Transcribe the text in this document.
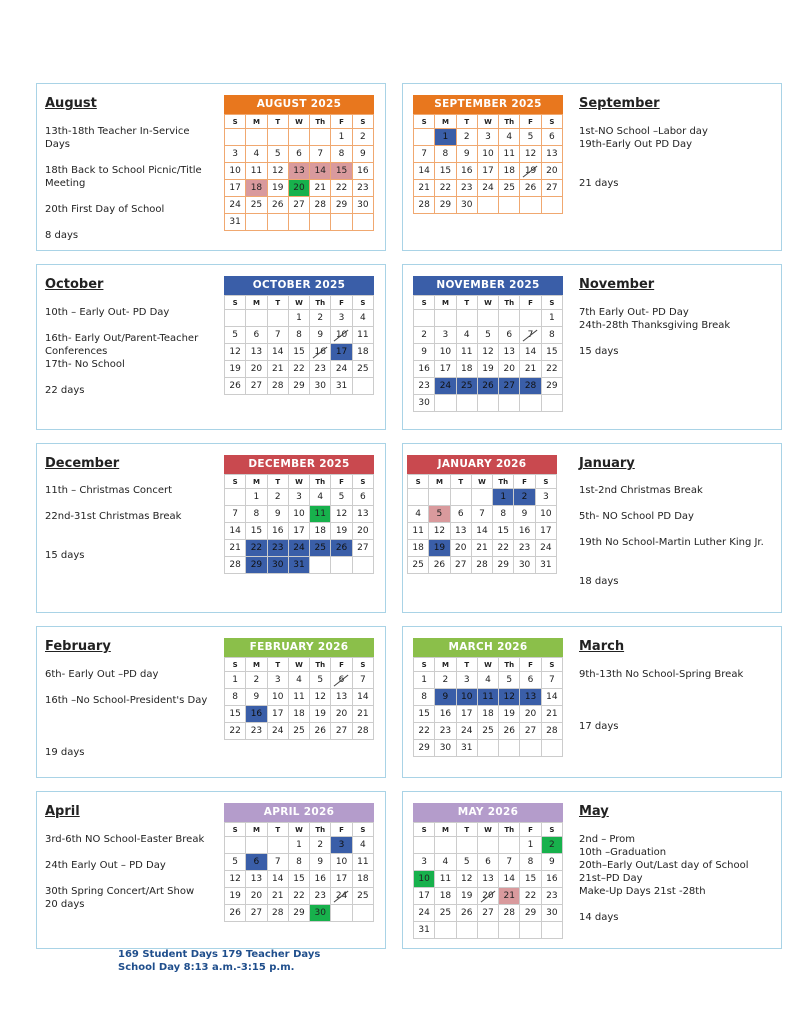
August

13th-18th Teacher In-Service Days

18th Back to School Picnic/Title Meeting

20th First Day of School

8 days

AUGUST 2025
S	M	T	W	Th	F	S
					1	2
3	4	5	6	7	8	9
10	11	12	13	14	15	16
17	18	19	20	21	22	23
24	25	26	27	28	29	30
31						
SEPTEMBER 2025
S	M	T	W	Th	F	S
	1	2	3	4	5	6
7	8	9	10	11	12	13
14	15	16	17	18	19	20
21	22	23	24	25	26	27
28	29	30				
September

1st-NO School –Labor day

19th-Early Out PD Day

21 days

October

10th – Early Out- PD Day

16th- Early Out/Parent-Teacher Conferences

17th- No School

22 days

OCTOBER 2025
S	M	T	W	Th	F	S
			1	2	3	4
5	6	7	8	9	10	11
12	13	14	15	16	17	18
19	20	21	22	23	24	25
26	27	28	29	30	31	
NOVEMBER 2025
S	M	T	W	Th	F	S
						1
2	3	4	5	6	7	8
9	10	11	12	13	14	15
16	17	18	19	20	21	22
23	24	25	26	27	28	29
30						
November

7th Early Out- PD Day

24th-28th Thanksgiving Break

15 days

December

11th – Christmas Concert

22nd-31st Christmas Break

15 days

DECEMBER 2025
S	M	T	W	Th	F	S
	1	2	3	4	5	6
7	8	9	10	11	12	13
14	15	16	17	18	19	20
21	22	23	24	25	26	27
28	29	30	31			
JANUARY 2026
S	M	T	W	Th	F	S
				1	2	3
4	5	6	7	8	9	10
11	12	13	14	15	16	17
18	19	20	21	22	23	24
25	26	27	28	29	30	31
January

1st-2nd Christmas Break

5th- NO School PD Day

19th No School-Martin Luther King Jr.

18 days

February

6th- Early Out –PD day

16th –No School-President's Day

19 days

FEBRUARY 2026
S	M	T	W	Th	F	S
1	2	3	4	5	6	7
8	9	10	11	12	13	14
15	16	17	18	19	20	21
22	23	24	25	26	27	28
MARCH 2026
S	M	T	W	Th	F	S
1	2	3	4	5	6	7
8	9	10	11	12	13	14
15	16	17	18	19	20	21
22	23	24	25	26	27	28
29	30	31				
March

9th-13th No School-Spring Break

17 days

April

3rd-6th NO School-Easter Break

24th Early Out – PD Day

30th Spring Concert/Art Show

20 days

APRIL 2026
S	M	T	W	Th	F	S
			1	2	3	4
5	6	7	8	9	10	11
12	13	14	15	16	17	18
19	20	21	22	23	24	25
26	27	28	29	30		
MAY 2026
S	M	T	W	Th	F	S
					1	2
3	4	5	6	7	8	9
10	11	12	13	14	15	16
17	18	19	20	21	22	23
24	25	26	27	28	29	30
31						
May

2nd – Prom

10th –Graduation

20th–Early Out/Last day of School

21st–PD Day

Make-Up Days 21st -28th

14 days

169 Student Days 179 Teacher Days

School Day 8:13 a.m.-3:15 p.m.
